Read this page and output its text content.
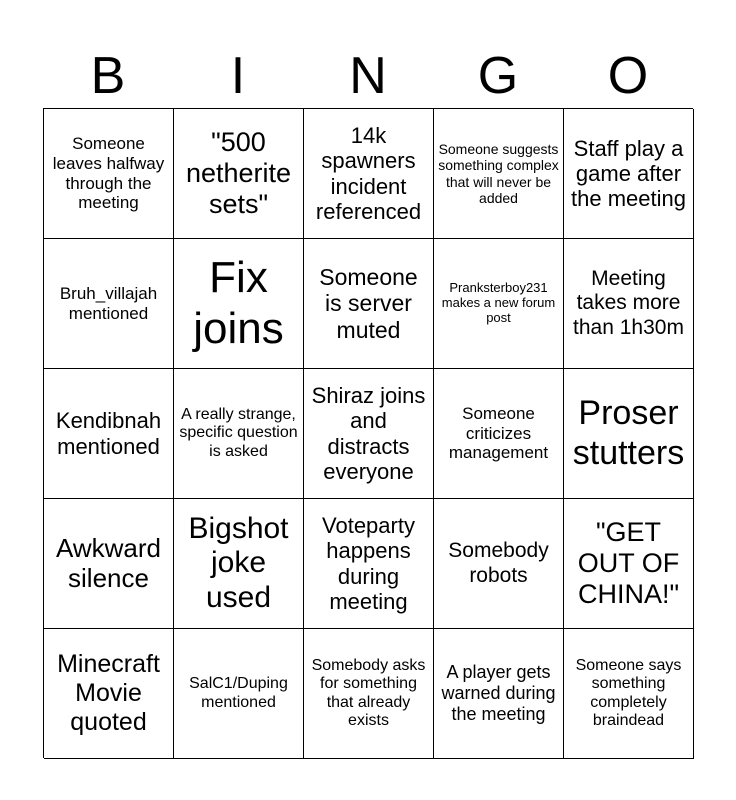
B	I	N	G	O
Someone leaves halfway through the meeting
"500 netherite sets"
14k spawners incident referenced
Someone suggests something complex that will never be added
Staff play a game after the meeting
Bruh_villajah mentioned
Fix joins
Someone is server muted
Pranksterboy231 makes a new forum post
Meeting takes more than 1h30m
Kendibnah mentioned
A really strange, specific question is asked
Shiraz joins and distracts everyone
Someone criticizes management
Proser stutters
Awkward silence
Bigshot joke used
Voteparty happens during meeting
Somebody robots
"GET OUT OF CHINA!"
Minecraft Movie quoted
SalC1/Duping mentioned
Somebody asks for something that already exists
A player gets warned during the meeting
Someone says something completely braindead
